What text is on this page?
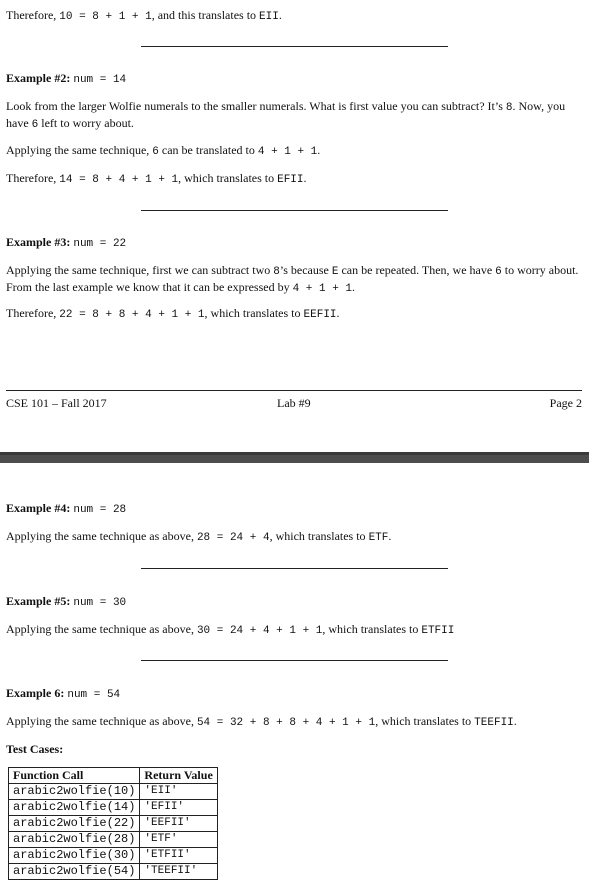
Therefore, 10 = 8 + 1 + 1, and this translates to EII.

Example #2: num = 14

Look from the larger Wolfie numerals to the smaller numerals. What is first value you can subtract? It’s 8. Now, you have 6 left to worry about.

Applying the same technique, 6 can be translated to 4 + 1 + 1.

Therefore, 14 = 8 + 4 + 1 + 1, which translates to EFII.

Example #3: num = 22

Applying the same technique, first we can subtract two 8’s because E can be repeated. Then, we have 6 to worry about. From the last example we know that it can be expressed by 4 + 1 + 1.

Therefore, 22 = 8 + 8 + 4 + 1 + 1, which translates to EEFII.

CSE 101 – Fall 2017	Lab #9	Page 2

Example #4: num = 28

Applying the same technique as above, 28 = 24 + 4, which translates to ETF.

Example #5: num = 30

Applying the same technique as above, 30 = 24 + 4 + 1 + 1, which translates to ETFII

Example 6: num = 54

Applying the same technique as above, 54 = 32 + 8 + 8 + 4 + 1 + 1, which translates to TEEFII.

Test Cases:

Function Call	Return Value
arabic2wolfie(10)	'EII'
arabic2wolfie(14)	'EFII'
arabic2wolfie(22)	'EEFII'
arabic2wolfie(28)	'ETF'
arabic2wolfie(30)	'ETFII'
arabic2wolfie(54)	'TEEFII'
